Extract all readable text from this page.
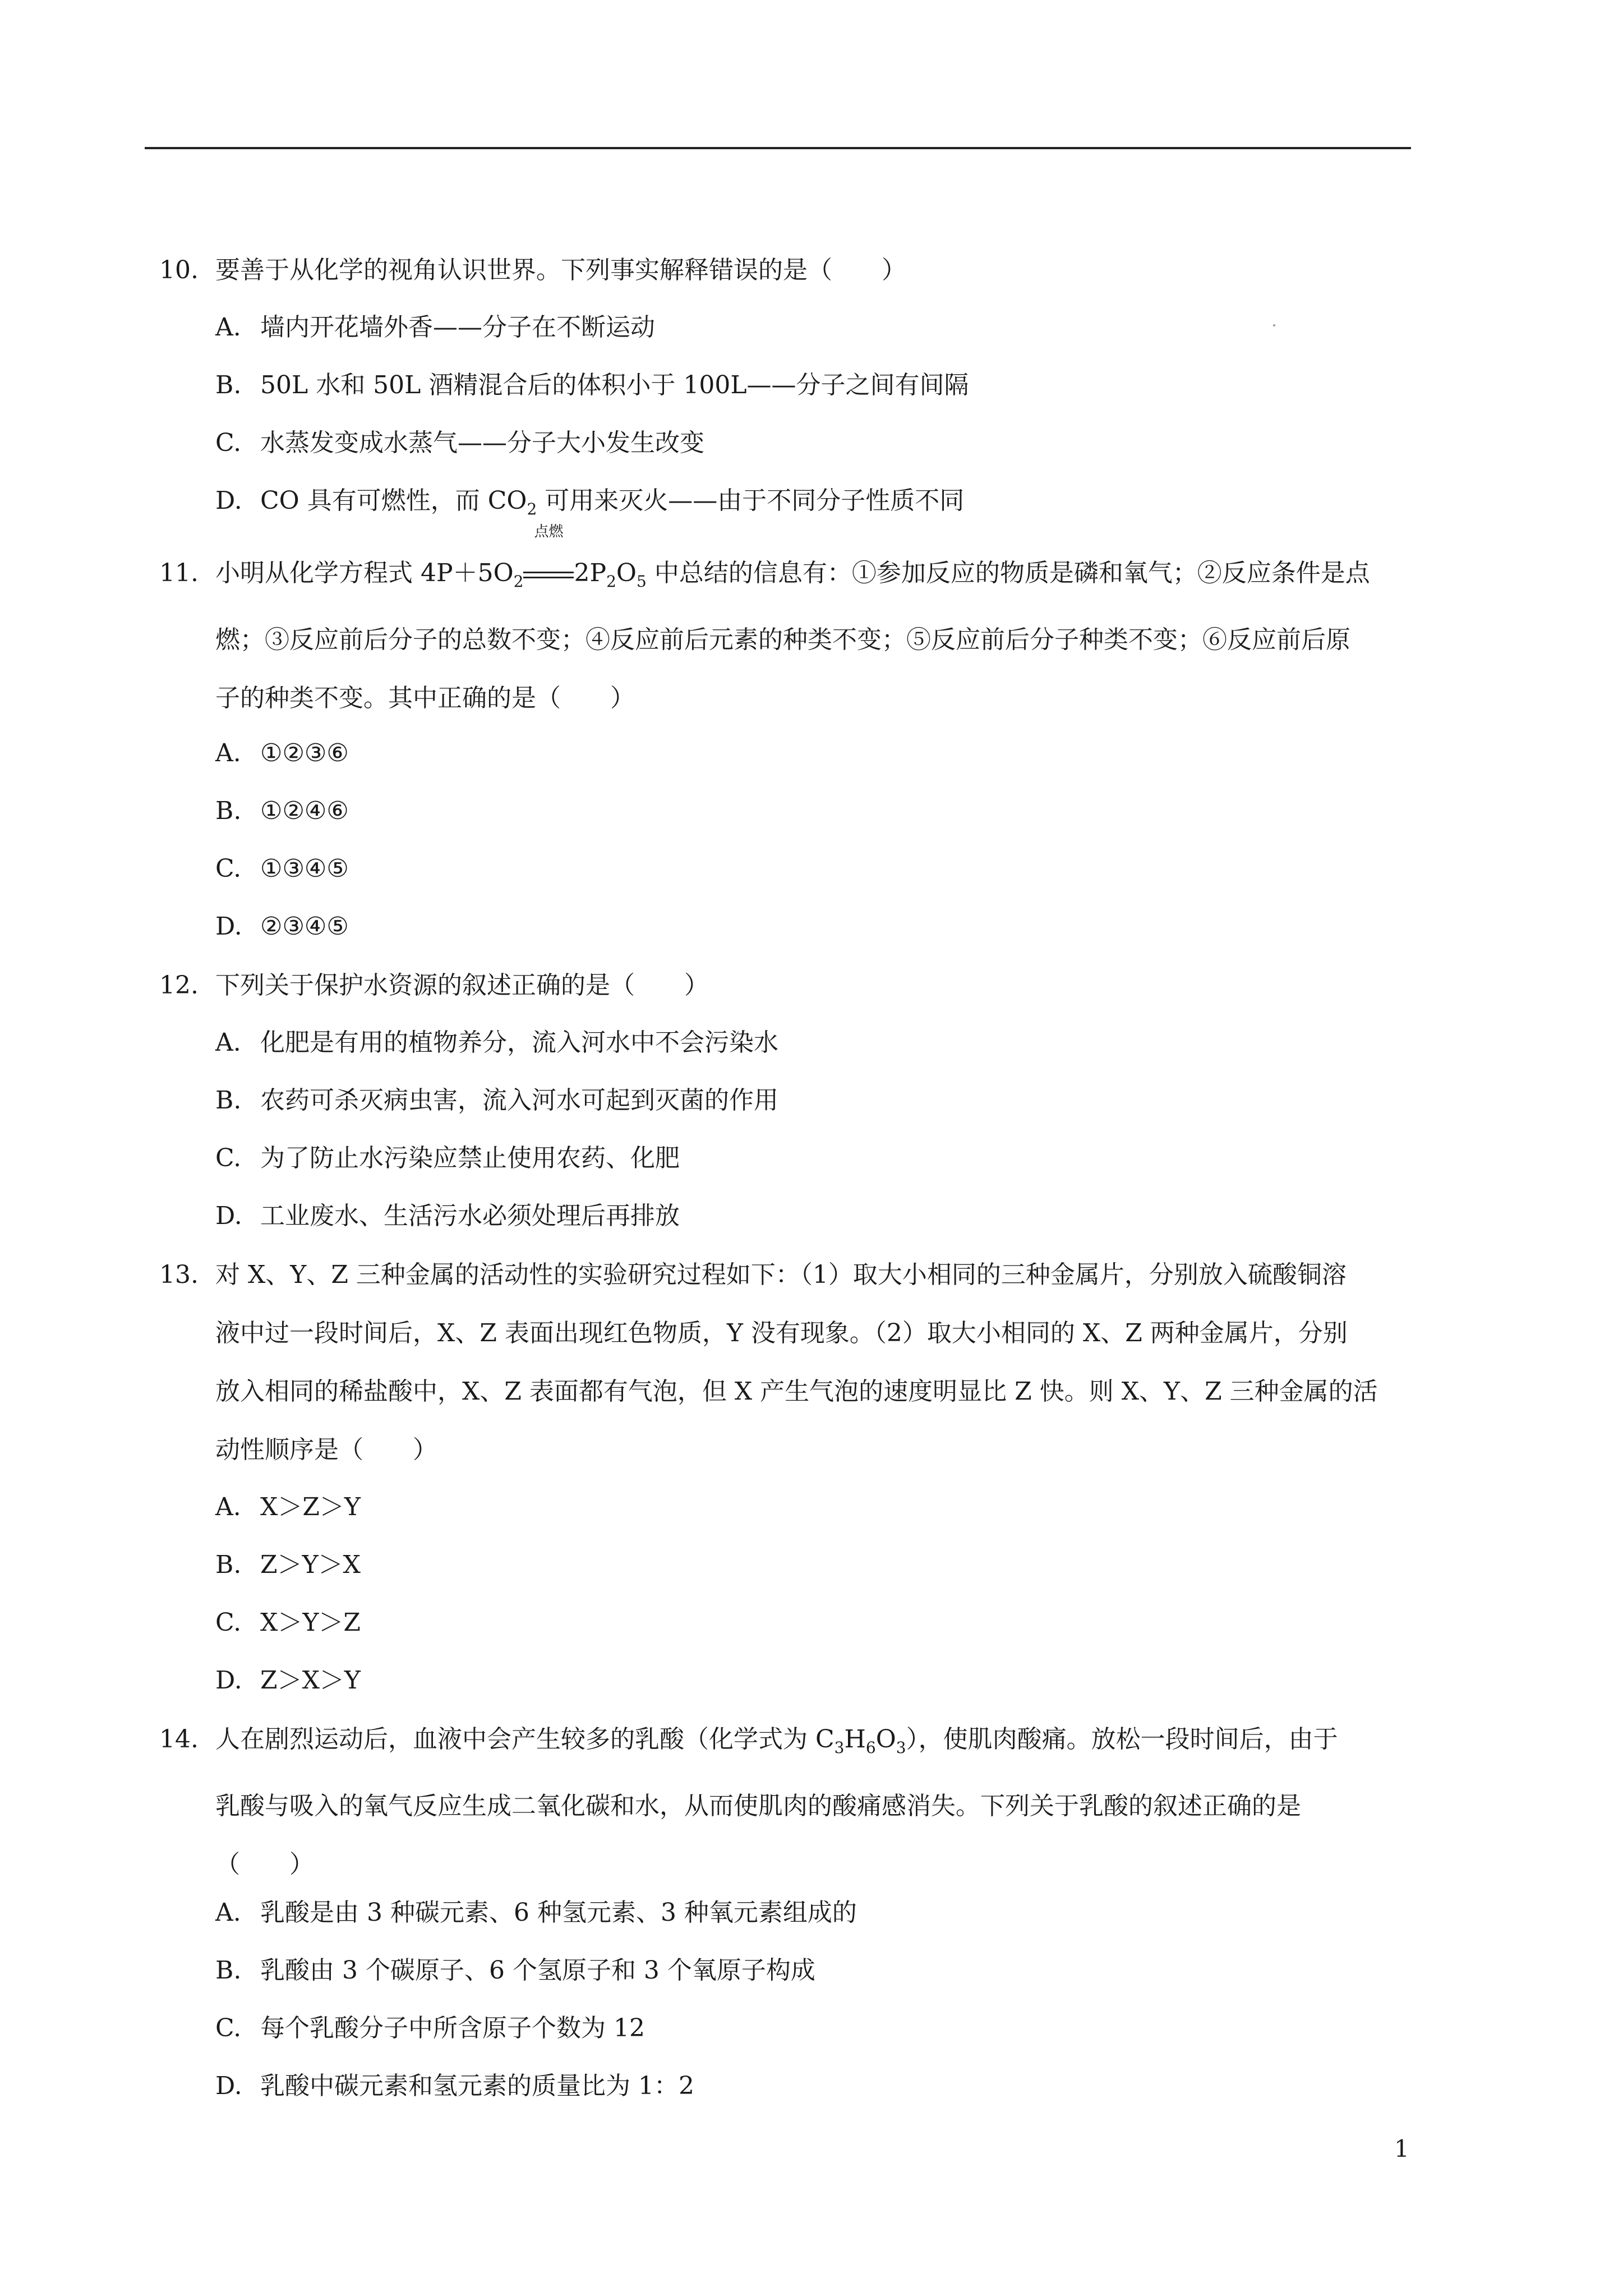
10. 要善于从化学的视角认识世界。下列事实解释错误的是（　　）
A. 墙内开花墙外香——分子在不断运动
B. 50L 水和 50L 酒精混合后的体积小于 100L——分子之间有间隔
C. 水蒸发变成水蒸气——分子大小发生改变
D. CO 具有可燃性，而 $CO_2$ 可用来灭火——由于不同分子性质不同
11. 小明从化学方程式 $4P+5O_2$
点燃
$2P_2O_5$ 中总结的信息有：①参加反应的物质是磷和氧气；②反应条件是点
燃；③反应前后分子的总数不变；④反应前后元素的种类不变；⑤反应前后分子种类不变；⑥反应前后原
子的种类不变。其中正确的是（　　）
A. ①②③⑥
B. ①②④⑥
C. ①③④⑤
D. ②③④⑤
12. 下列关于保护水资源的叙述正确的是（　　）
A. 化肥是有用的植物养分，流入河水中不会污染水
B. 农药可杀灭病虫害，流入河水可起到灭菌的作用
C. 为了防止水污染应禁止使用农药、化肥
D. 工业废水、生活污水必须处理后再排放
13. 对 X、Y、Z 三种金属的活动性的实验研究过程如下：（1）取大小相同的三种金属片，分别放入硫酸铜溶
液中过一段时间后，X、Z 表面出现红色物质，Y 没有现象。（2）取大小相同的 X、Z 两种金属片，分别
放入相同的稀盐酸中，X、Z 表面都有气泡，但 X 产生气泡的速度明显比 Z 快。则 X、Y、Z 三种金属的活
动性顺序是（　　）
A. X＞Z＞Y
B. Z＞Y＞X
C. X＞Y＞Z
D. Z＞X＞Y
14. 人在剧烈运动后，血液中会产生较多的乳酸（化学式为 $C_3H_6O_3$），使肌肉酸痛。放松一段时间后，由于
乳酸与吸入的氧气反应生成二氧化碳和水，从而使肌肉的酸痛感消失。下列关于乳酸的叙述正确的是
（　　）
A. 乳酸是由 3 种碳元素、6 种氢元素、3 种氧元素组成的
B. 乳酸由 3 个碳原子、6 个氢原子和 3 个氧原子构成
C. 每个乳酸分子中所含原子个数为 12
D. 乳酸中碳元素和氢元素的质量比为 1：2
1
